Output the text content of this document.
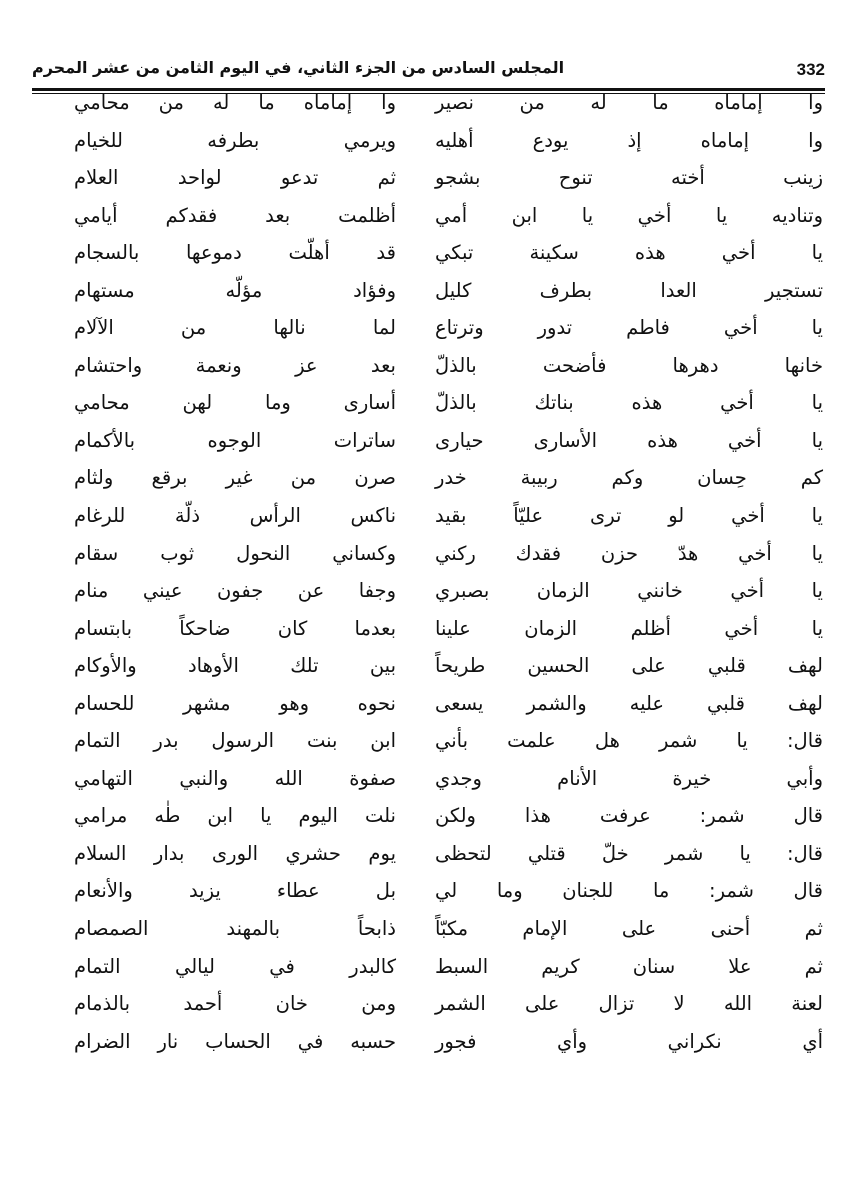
332
المجلس السادس من الجزء الثاني، في اليوم الثامن من عشر المحرم
وا إماماه ما له من نصير
وا إماماه ما له من محامي
وا إماماه إذ يودع أهليه
ويرمي بطرفه للخيام
زينب أخته تنوح بشجو
ثم تدعو لواحد العلام
وتناديه يا أخي يا ابن أمي
أظلمت بعد فقدكم أيامي
يا أخي هذه سكينة تبكي
قد أهلّت دموعها بالسجام
تستجير العدا بطرف كليل
وفؤاد مؤلّه مستهام
يا أخي فاطم تدور وترتاع
لما نالها من الآلام
خانها دهرها فأضحت بالذلّ
بعد عز ونعمة واحتشام
يا أخي هذه بناتك بالذلّ
أسارى وما لهن محامي
يا أخي هذه الأسارى حيارى
ساترات الوجوه بالأكمام
كم حِسان وكم ربيبة خدر
صرن من غير برقع ولثام
يا أخي لو ترى عليّاً بقيد
ناكس الرأس ذلّة للرغام
يا أخي هدّ حزن فقدك ركني
وكساني النحول ثوب سقام
يا أخي خانني الزمان بصبري
وجفا عن جفون عيني منام
يا أخي أظلم الزمان علينا
بعدما كان ضاحكاً بابتسام
لهف قلبي على الحسين طريحاً
بين تلك الأوهاد والأوكام
لهف قلبي عليه والشمر يسعى
نحوه وهو مشهر للحسام
قال: يا شمر هل علمت بأني
ابن بنت الرسول بدر التمام
وأبي خيرة الأنام وجدي
صفوة الله والنبي التهامي
قال شمر: عرفت هذا ولكن
نلت اليوم يا ابن طٰه مرامي
قال: يا شمر خلّ قتلي لتحظى
يوم حشري الورى بدار السلام
قال شمر: ما للجنان وما لي
بل عطاء يزيد والأنعام
ثم أحنى على الإمام مكبّاً
ذابحاً بالمهند الصمصام
ثم علا سنان كريم السبط
كالبدر في ليالي التمام
لعنة الله لا تزال على الشمر
ومن خان أحمد بالذمام
أي نكراني وأي فجور
حسبه في الحساب نار الضرام
